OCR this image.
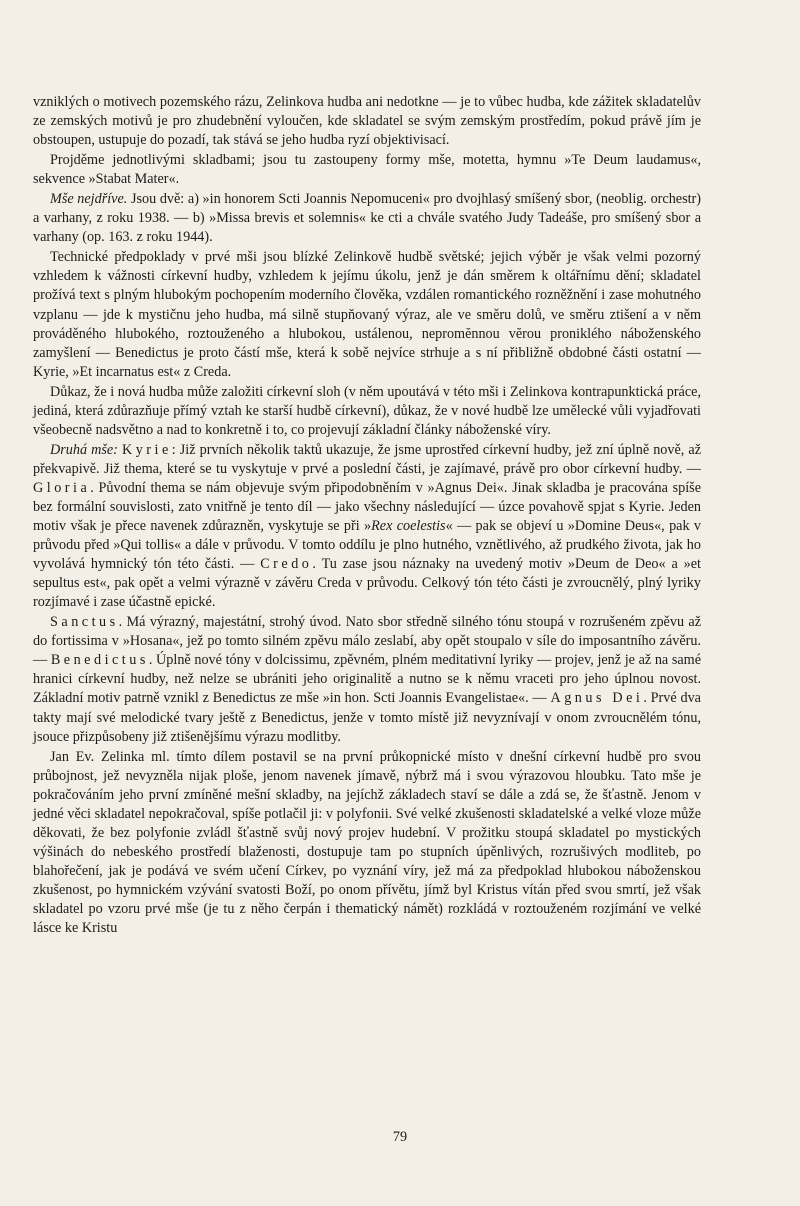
vzniklých o motivech pozemského rázu, Zelinkova hudba ani nedotkne — je to vůbec hudba, kde zážitek skladatelův ze zemských motivů je pro zhudebnění vyloučen, kde skladatel se svým zemským prostředím, pokud právě jím je obstoupen, ustupuje do pozadí, tak stává se jeho hudba ryzí objektivisací.

Projděme jednotlivými skladbami; jsou tu zastoupeny formy mše, motetta, hymnu »Te Deum laudamus«, sekvence »Stabat Mater«.

Mše nejdříve. Jsou dvě: a) »in honorem Scti Joannis Nepomuceni« pro dvojhlasý smíšený sbor, (neoblig. orchestr) a varhany, z roku 1938. — b) »Missa brevis et solemnis« ke cti a chvále svatého Judy Tadeáše, pro smíšený sbor a varhany (op. 163. z roku 1944).

Technické předpoklady v prvé mši jsou blízké Zelinkově hudbě světské; jejich výběr je však velmi pozorný vzhledem k vážnosti církevní hudby, vzhledem k jejímu úkolu, jenž je dán směrem k oltářnímu dění; skladatel prožívá text s plným hlubokým pochopením moderního člověka, vzdálen romantického rozněžnění i zase mohutného vzplanu — jde k mystičnu jeho hudba, má silně stupňovaný výraz, ale ve směru dolů, ve směru ztišení a v něm prováděného hlubokého, roztouženého a hlubokou, ustálenou, nepromĕnnou vĕrou proniklého náboženského zamyšlení — Benedictus je proto částí mše, která k sobě nejvíce strhuje a s ní přibližně obdobné části ostatní — Kyrie, »Et incarnatus est« z Creda.

Důkaz, že i nová hudba může založiti církevní sloh (v něm upoutává v této mši i Zelinkova kontrapunktická práce, jediná, která zdůrazňuje přímý vztah ke starší hudbě církevní), důkaz, že v nové hudbě lze umělecké vůli vyjadřovati všeobecně nadsvětno a nad to konkretně i to, co projevují základní články náboženské víry.

Druhá mše: Kyrie: Již prvních několik taktů ukazuje, že jsme uprostřed církevní hudby, jež zní úplně nově, až překvapivě. Již thema, které se tu vyskytuje v prvé a poslední části, je zajímavé, právě pro obor církevní hudby. — Gloria. Původní thema se nám objevuje svým připodobněním v »Agnus Dei«. Jinak skladba je pracována spíše bez formální souvislosti, zato vnitřně je tento díl — jako všechny následující — úzce povahově spjat s Kyrie. Jeden motiv však je přece navenek zdůrazněn, vyskytuje se při »Rex coelestis« — pak se objeví u »Domine Deus«, pak v průvodu před »Qui tollis« a dále v průvodu. V tomto oddílu je plno hutného, vznětlivého, až prudkého života, jak ho vyvolává hymnický tón této části. — Credo. Tu zase jsou náznaky na uvedený motiv »Deum de Deo« a »et sepultus est«, pak opět a velmi výrazně v závěru Creda v průvodu. Celkový tón této části je zvroucnělý, plný lyriky rozjímavé i zase účastně epické.

Sanctus. Má výrazný, majestátní, strohý úvod. Nato sbor středně silného tónu stoupá v rozrušeném zpěvu až do fortissima v »Hosana«, jež po tomto silném zpěvu málo zeslabí, aby opět stoupalo v síle do imposantního závěru. — Benedictus. Úplně nové tóny v dolcissimu, zpěvném, plném meditativní lyriky — projev, jenž je až na samé hranici církevní hudby, než nelze se ubrániti jeho originalitě a nutno se k němu vraceti pro jeho úplnou novost. Základní motiv patrně vznikl z Benedictus ze mše »in hon. Scti Joannis Evangelistae«. — Agnus Dei. Prvé dva takty mají své melodické tvary ještě z Benedictus, jenže v tomto místě již nevyznívají v onom zvroucnělém tónu, jsouce přizpůsobeny již ztišenějšímu výrazu modlitby.

Jan Ev. Zelinka ml. tímto dílem postavil se na první průkopnické místo v dnešní církevní hudbě pro svou průbojnost, jež nevyzněla nijak ploše, jenom navenek jímavě, nýbrž má i svou výrazovou hloubku. Tato mše je pokračováním jeho první zmíněné mešní skladby, na jejíchž základech staví se dále a zdá se, že šťastně. Jenom v jedné věci skladatel nepokračoval, spíše potlačil ji: v polyfonii. Své velké zkušenosti skladatelské a velké vloze může děkovati, že bez polyfonie zvládl šťastně svůj nový projev hudební. V prožitku stoupá skladatel po mystických výšinách do nebeského prostředí blaženosti, dostupuje tam po stupních úpěnlivých, rozrušivých modliteb, po blahořečení, jak je podává ve svém učení Církev, po vyznání víry, jež má za předpoklad hlubokou náboženskou zkušenost, po hymnickém vzývání svatosti Boží, po onom přívětu, jímž byl Kristus vítán před svou smrtí, jež však skladatel po vzoru prvé mše (je tu z něho čerpán i thematický námět) rozkládá v roztouženém rozjímání ve velké lásce ke Kristu

79
